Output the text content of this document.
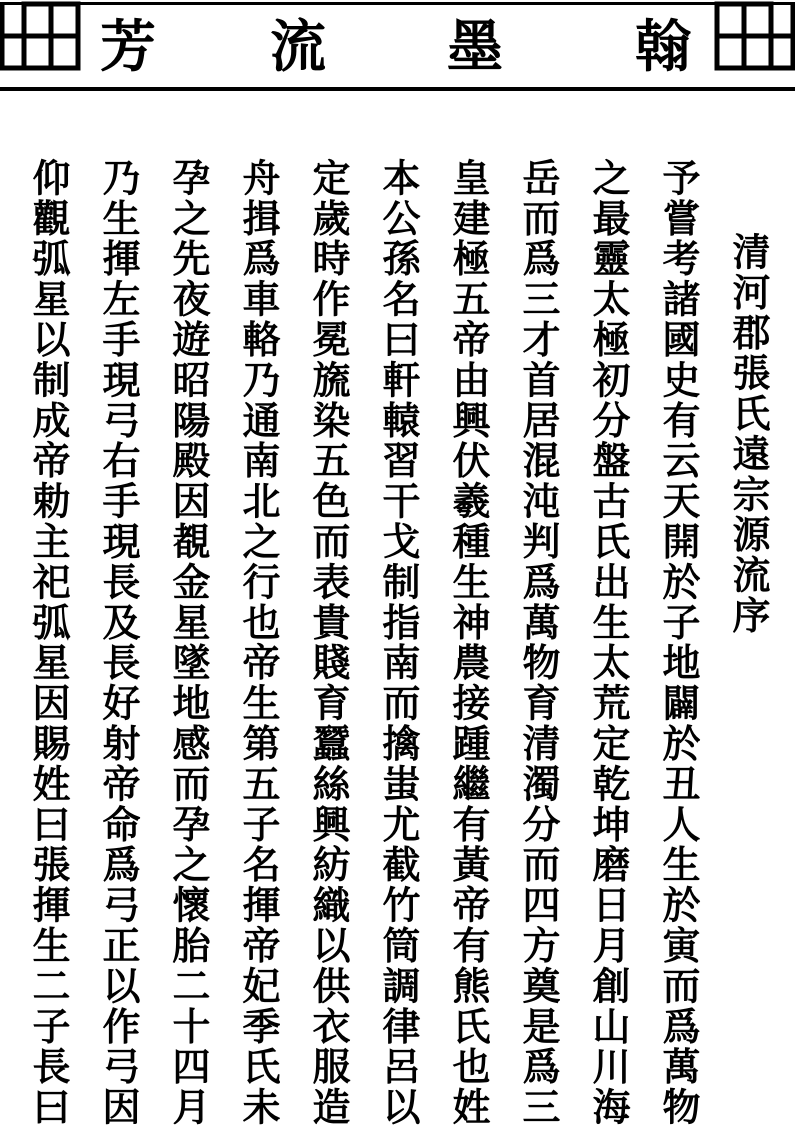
翰
墨
流
芳
清河郡張氏遠宗源流序
予嘗考諸國史有云天開於子地闢於丑人生於寅而爲萬物
之最靈太極初分盤古氏出生太荒定乾坤磨日月創山川海
岳而爲三才首居混沌判爲萬物育清濁分而四方奠是爲三
皇建極五帝由興伏羲種生神農接踵繼有黃帝有熊氏也姓
本公孫名曰軒轅習干戈制指南而擒蚩尤截竹筒調律呂以
定歲時作冕旒染五色而表貴賤育蠶絲興紡織以供衣服造
舟揖爲車輅乃通南北之行也帝生第五子名揮帝妃季氏未
孕之先夜遊昭陽殿因覩金星墜地感而孕之懷胎二十四月
乃生揮左手現弓右手現長及長好射帝命爲弓正以作弓因
仰觀弧星以制成帝勅主祀弧星因賜姓曰張揮生二子長曰
